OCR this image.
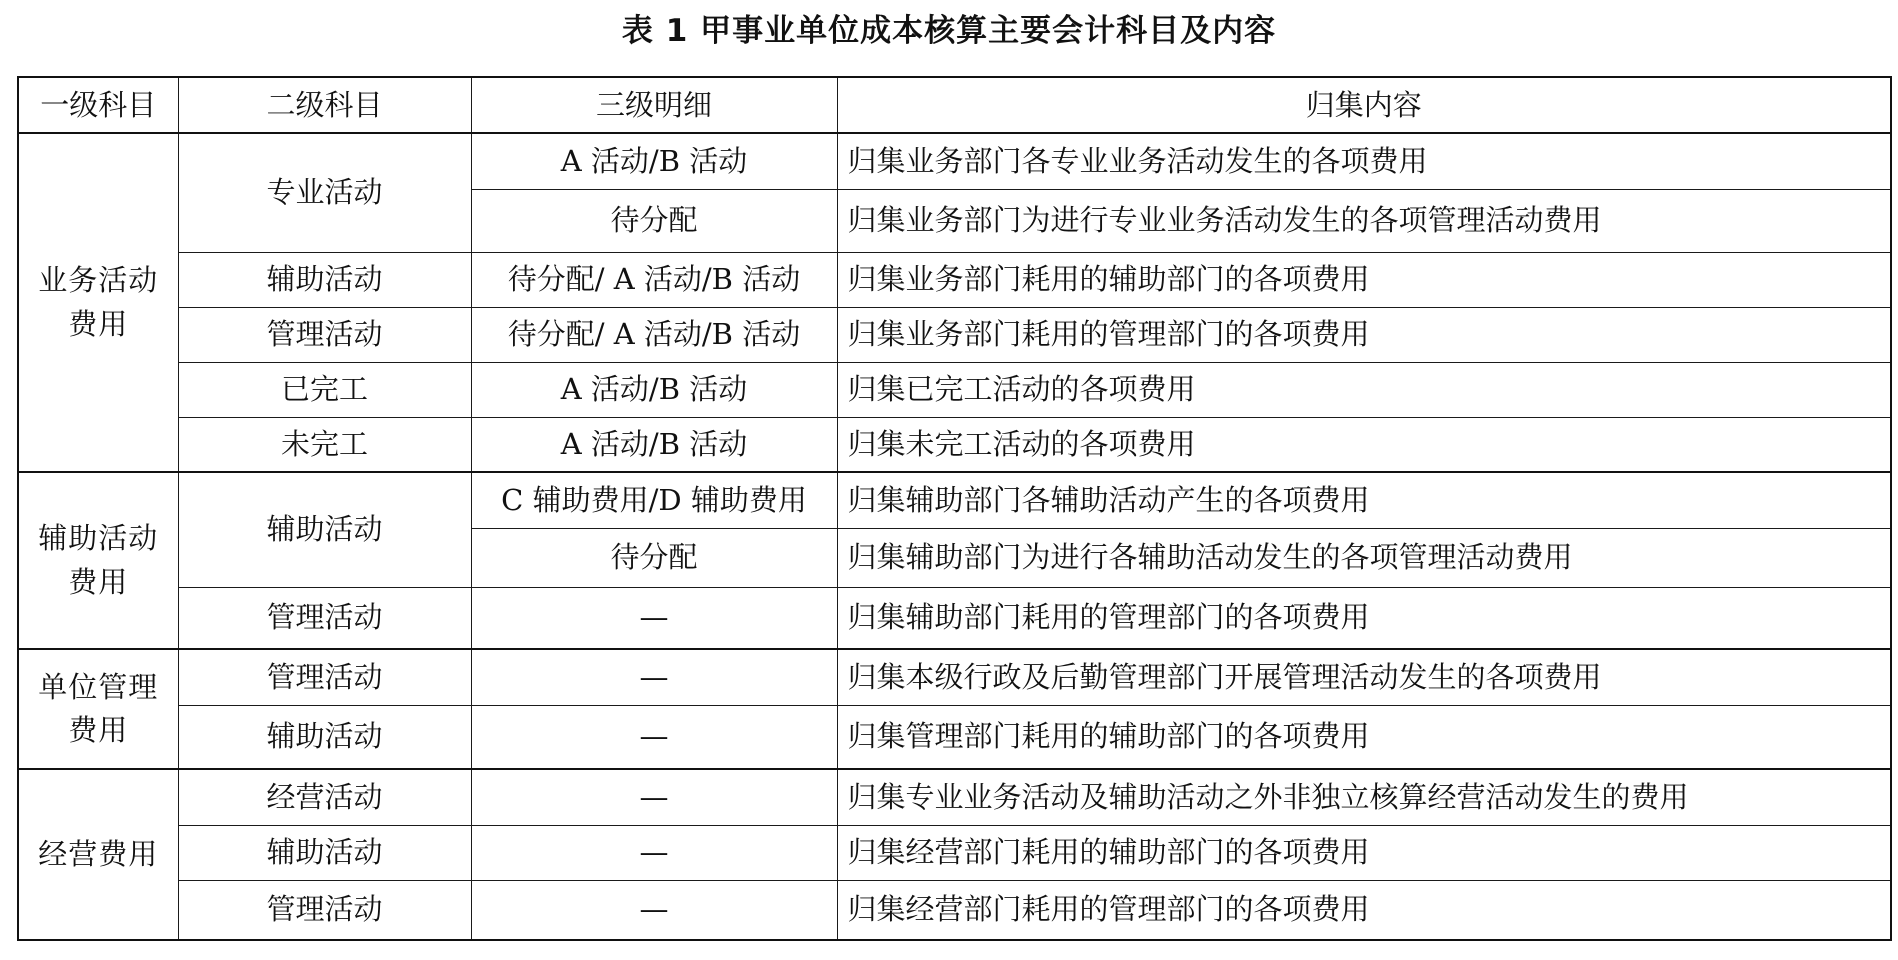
表 1 甲事业单位成本核算主要会计科目及内容
一级科目	二级科目	三级明细	归集内容

业务活动
费用	专业活动	A 活动/B 活动	归集业务部门各专业业务活动发生的各项费用
		待分配	归集业务部门为进行专业业务活动发生的各项管理活动费用
	辅助活动	待分配/ A 活动/B 活动	归集业务部门耗用的辅助部门的各项费用
	管理活动	待分配/ A 活动/B 活动	归集业务部门耗用的管理部门的各项费用
	已完工	A 活动/B 活动	归集已完工活动的各项费用
	未完工	A 活动/B 活动	归集未完工活动的各项费用

辅助活动
费用	辅助活动	C 辅助费用/D 辅助费用	归集辅助部门各辅助活动产生的各项费用
		待分配	归集辅助部门为进行各辅助活动发生的各项管理活动费用
	管理活动	—	归集辅助部门耗用的管理部门的各项费用

单位管理
费用	管理活动	—	归集本级行政及后勤管理部门开展管理活动发生的各项费用
	辅助活动	—	归集管理部门耗用的辅助部门的各项费用

经营费用	经营活动	—	归集专业业务活动及辅助活动之外非独立核算经营活动发生的费用
	辅助活动	—	归集经营部门耗用的辅助部门的各项费用
	管理活动	—	归集经营部门耗用的管理部门的各项费用
